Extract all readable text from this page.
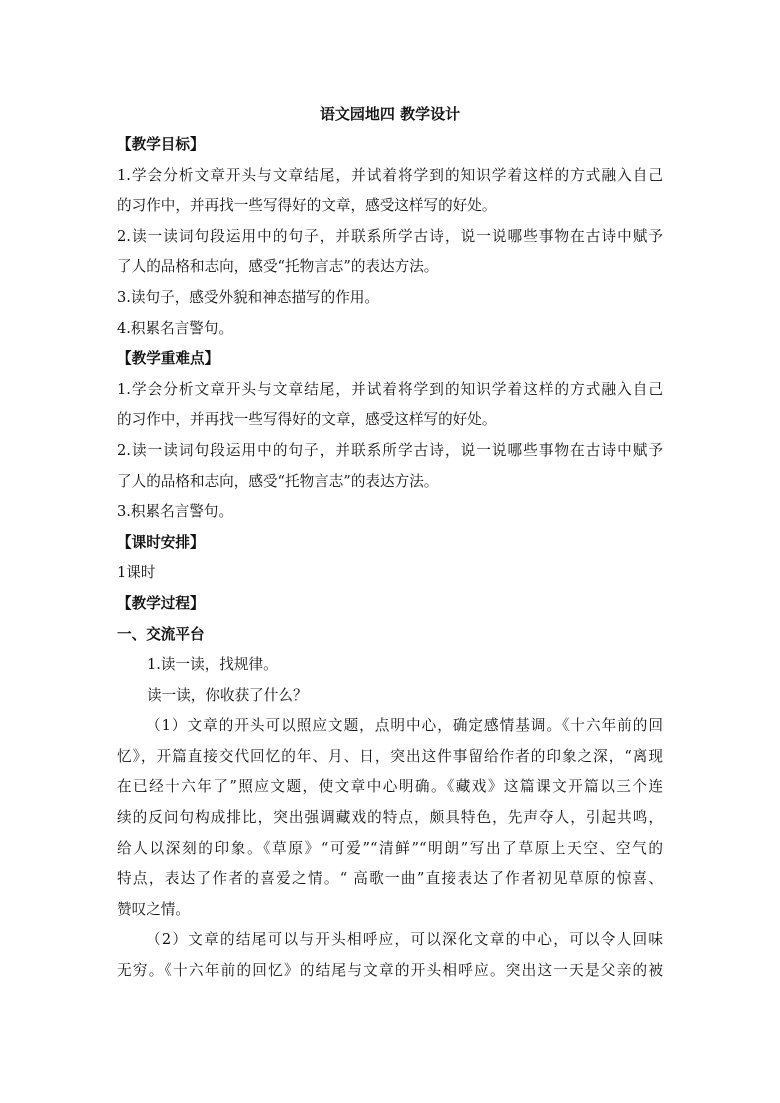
语文园地四 教学设计

【教学目标】

1.学会分析文章开头与文章结尾，并试着将学到的知识学着这样的方式融入自己

的习作中，并再找一些写得好的文章，感受这样写的好处。

2.读一读词句段运用中的句子，并联系所学古诗，说一说哪些事物在古诗中赋予

了人的品格和志向，感受“托物言志”的表达方法。

3.读句子，感受外貌和神态描写的作用。

4.积累名言警句。

【教学重难点】

1.学会分析文章开头与文章结尾，并试着将学到的知识学着这样的方式融入自己

的习作中，并再找一些写得好的文章，感受这样写的好处。

2.读一读词句段运用中的句子，并联系所学古诗，说一说哪些事物在古诗中赋予

了人的品格和志向，感受“托物言志”的表达方法。

3.积累名言警句。

【课时安排】

1课时

【教学过程】

一、交流平台

1.读一读，找规律。

读一读，你收获了什么？

（1）文章的开头可以照应文题，点明中心，确定感情基调。《十六年前的回

忆》，开篇直接交代回忆的年、月、日，突出这件事留给作者的印象之深，“离现

在已经十六年了”照应文题，使文章中心明确。《藏戏》这篇课文开篇以三个连

续的反问句构成排比，突出强调藏戏的特点，颇具特色，先声夺人，引起共鸣，

给人以深刻的印象。《草原》“可爱”“清鲜”“明朗”写出了草原上天空、空气的

特点，表达了作者的喜爱之情。“ 高歌一曲”直接表达了作者初见草原的惊喜、

赞叹之情。

（2）文章的结尾可以与开头相呼应，可以深化文章的中心，可以令人回味

无穷。《十六年前的回忆》的结尾与文章的开头相呼应。突出这一天是父亲的被
